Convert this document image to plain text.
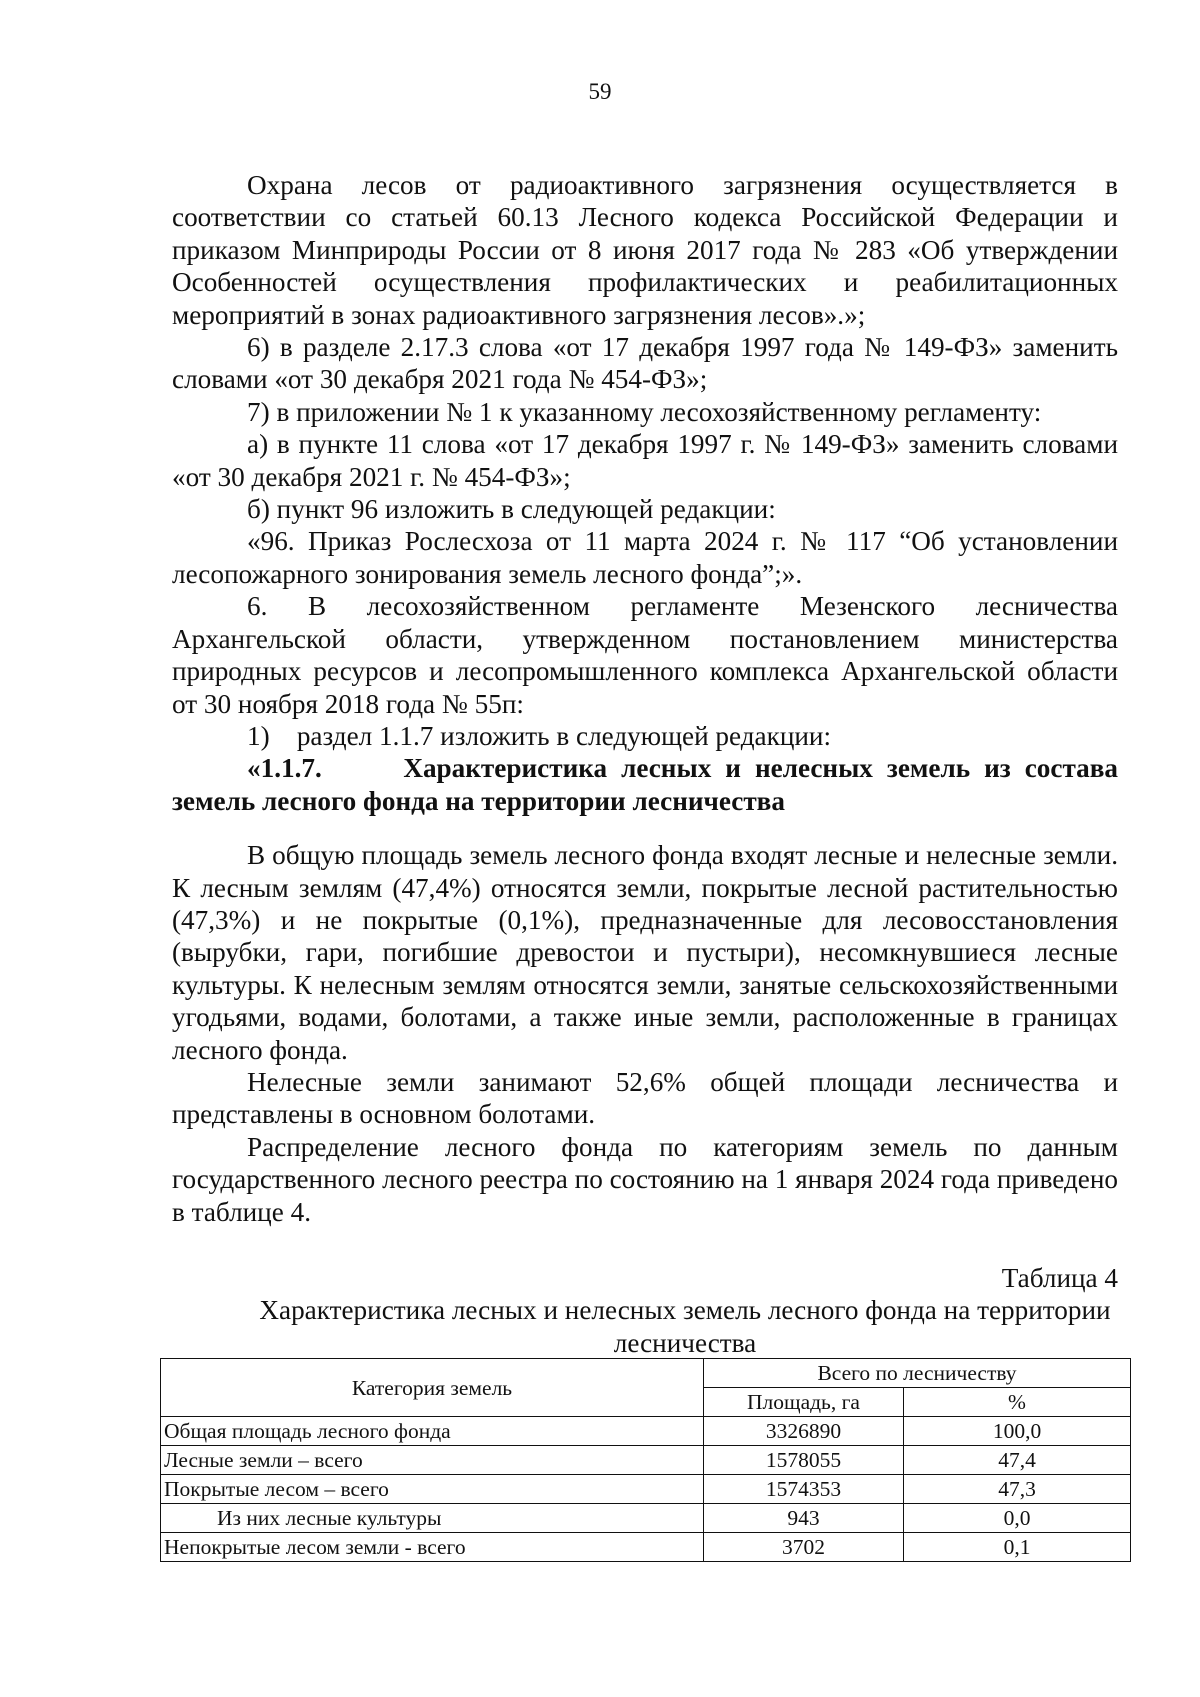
59

Охрана лесов от радиоактивного загрязнения осуществляется в соответствии со статьей 60.13 Лесного кодекса Российской Федерации и приказом Минприроды России от 8 июня 2017 года № 283 «Об утверждении Особенностей осуществления профилактических и реабилитационных мероприятий в зонах радиоактивного загрязнения лесов».»;

6) в разделе 2.17.3 слова «от 17 декабря 1997 года № 149-ФЗ» заменить словами «от 30 декабря 2021 года № 454-ФЗ»;

7) в приложении № 1 к указанному лесохозяйственному регламенту:

а) в пункте 11 слова «от 17 декабря 1997 г. № 149-ФЗ» заменить словами «от 30 декабря 2021 г. № 454-ФЗ»;

б) пункт 96 изложить в следующей редакции:

«96. Приказ Рослесхоза от 11 марта 2024 г. № 117 “Об установлении лесопожарного зонирования земель лесного фонда”;».

6. В лесохозяйственном регламенте Мезенского лесничества Архангельской области, утвержденном постановлением министерства природных ресурсов и лесопромышленного комплекса Архангельской области от 30 ноября 2018 года № 55п:

1) раздел 1.1.7 изложить в следующей редакции:

«1.1.7.   Характеристика лесных и нелесных земель из состава земель лесного фонда на территории лесничества

В общую площадь земель лесного фонда входят лесные и нелесные земли. К лесным землям (47,4%) относятся земли, покрытые лесной растительностью (47,3%) и не покрытые (0,1%), предназначенные для лесовосстановления (вырубки, гари, погибшие древостои и пустыри), несомкнувшиеся лесные культуры. К нелесным землям относятся земли, занятые сельскохозяйственными угодьями, водами, болотами, а также иные земли, расположенные в границах лесного фонда.

Нелесные земли занимают 52,6% общей площади лесничества и представлены в основном болотами.

Распределение лесного фонда по категориям земель по данным государственного лесного реестра по состоянию на 1 января 2024 года приведено в таблице 4.

Таблица 4

Характеристика лесных и нелесных земель лесного фонда на территории лесничества

Категория земель	Всего по лесничеству	
	Площадь, га	%
Общая площадь лесного фонда	3326890	100,0
Лесные земли – всего	1578055	47,4
Покрытые лесом – всего	1574353	47,3
Из них лесные культуры	943	0,0
Непокрытые лесом земли - всего	3702	0,1
